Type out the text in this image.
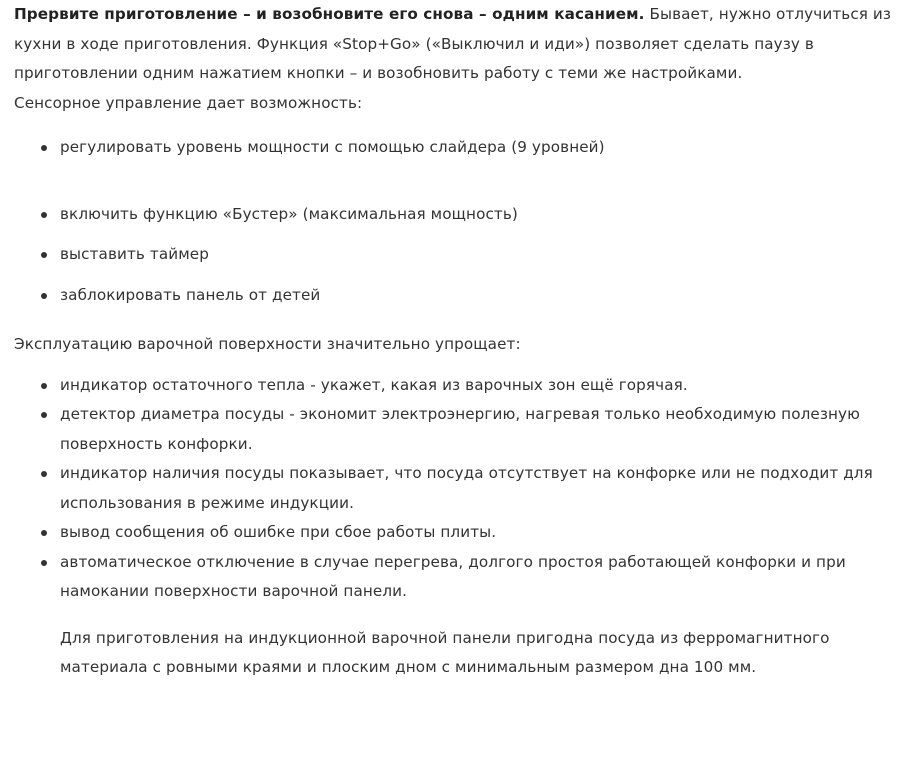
Прервите приготовление – и возобновите его снова – одним касанием. Бывает, нужно отлучиться из кухни в ходе приготовления. Функция «Stop+Go» («Выключил и иди») позволяет сделать паузу в приготовлении одним нажатием кнопки – и возобновить работу с теми же настройками.

Сенсорное управление дает возможность:

регулировать уровень мощности с помощью слайдера (9 уровней)
включить функцию «Бустер» (максимальная мощность)
выставить таймер
заблокировать панель от детей

Эксплуатацию варочной поверхности значительно упрощает:

индикатор остаточного тепла - укажет, какая из варочных зон ещё горячая.
детектор диаметра посуды - экономит электроэнергию, нагревая только необходимую полезную поверхность конфорки.
индикатор наличия посуды показывает, что посуда отсутствует на конфорке или не подходит для использования в режиме индукции.
вывод сообщения об ошибке при сбое работы плиты.
автоматическое отключение в случае перегрева, долгого простоя работающей конфорки и при намокании поверхности варочной панели.

Для приготовления на индукционной варочной панели пригодна посуда из ферромагнитного материала с ровными краями и плоским дном с минимальным размером дна 100 мм.
